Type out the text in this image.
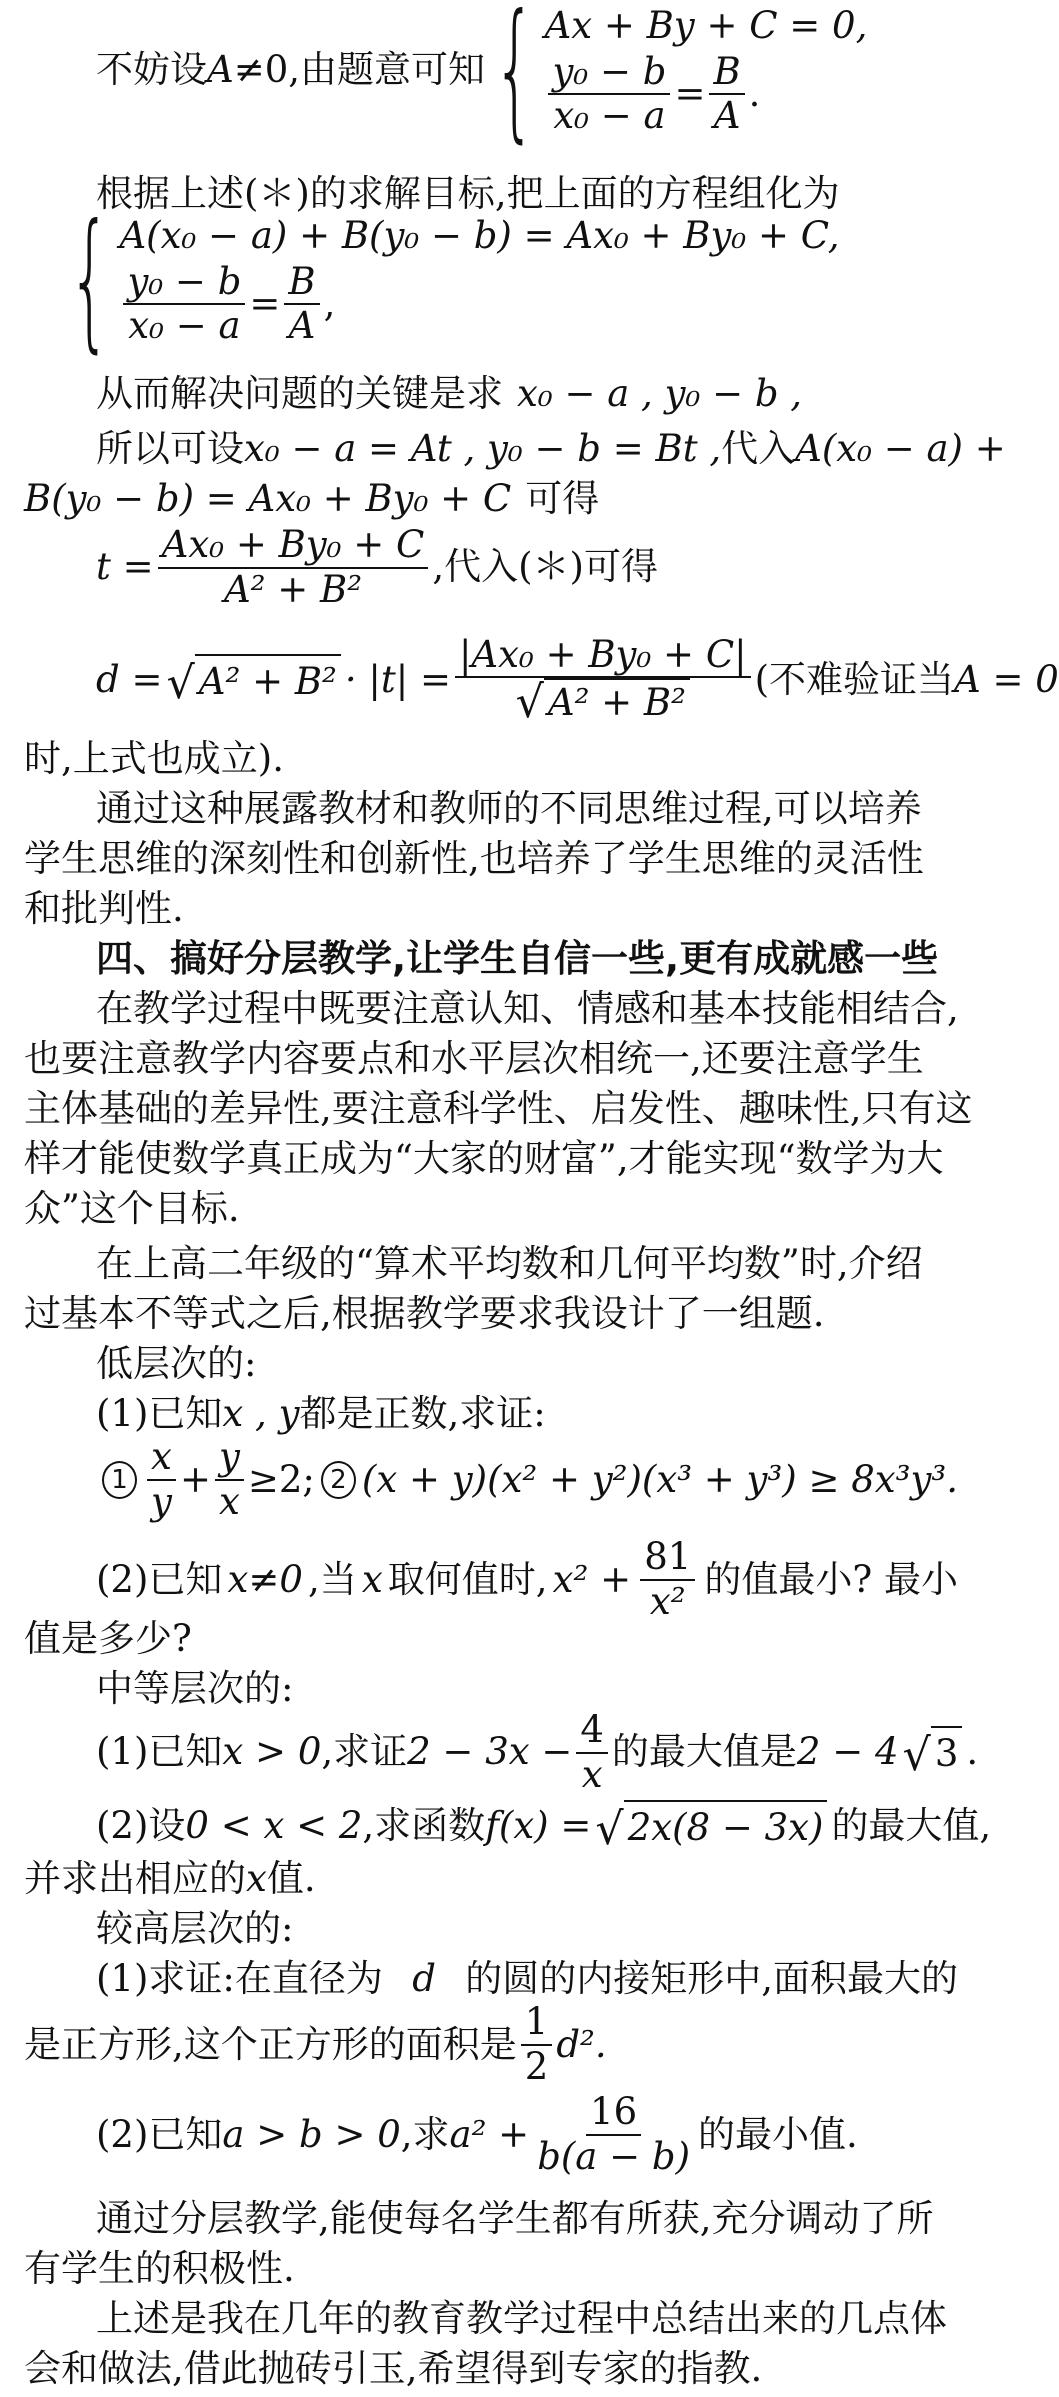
不妨设 A ≠0,由题意可知 { Ax + By + C = 0,
$\frac{\text{y₀ − b}}{\text{x₀ − a}} = \frac{B}{A}$ .
根据上述(＊)的求解目标,把上面的方程组化为
{ A(x₀ − a) + B(y₀ − b) = Ax₀ + By₀ + C,
$\frac{\text{y₀ − b}}{\text{x₀ − a}} = \frac{B}{A}$ ,
从而解决问题的关键是求 x₀ − a , y₀ − b ,
所以可设 x₀ − a = At , y₀ − b = Bt , 代入 A(x₀ − a) +
B(y₀ − b) = Ax₀ + By₀ + C 可得
$t = \frac{\text{Ax₀ + By₀ + C}}{\text{A² + B²}}$ ,代入(＊)可得
d = √ $A^2 + B^2 \cdot |t| = \frac{\text{|Ax₀ + By₀ + C|}}{\text{√ A² + B²}}$ (不难验证当 A = 0
时,上式也成立).
通过这种展露教材和教师的不同思维过程,可以培养
学生思维的深刻性和创新性,也培养了学生思维的灵活性
和批判性.
四、搞好分层教学,让学生自信一些,更有成就感一些
在教学过程中既要注意认知、情感和基本技能相结合,
也要注意教学内容要点和水平层次相统一,还要注意学生
主体基础的差异性,要注意科学性、启发性、趣味性,只有这
样才能使数学真正成为“大家的财富”,才能实现“数学为大
众”这个目标.
在上高二年级的“算术平均数和几何平均数”时,介绍
过基本不等式之后,根据教学要求我设计了一组题.
低层次的:
(1)已知 x , y 都是正数,求证:
$1 \frac{x}{y} + \frac{y}{x} \ge 2$; 2 (x + y)(x² + y²)(x³ + y³) ≥ 8x³y³.
(2)已知 x≠0 ,当 x 取何值时, $x^2 + \frac{81}{\text{x²}}$ 的值最小? 最小
值是多少?
中等层次的:
(1)已知 x > 0 ,求证 $2 - 3x - \frac{4}{x}$ 的最大值是 2 − 4 √ 3 .
(2)设 0 < x < 2 ,求函数 f(x) = √ 2x(8 − 3x) 的最大值,
并求出相应的 x 值.
较高层次的:
(1)求证:在直径为 d 的圆的内接矩形中,面积最大的
是正方形,这个正方形的面积是 $\frac{1}{2} d^2$.
(2)已知 a > b > 0 ,求 $a^2 + \frac{16}{b(a - b)}$ 的最小值.
通过分层教学,能使每名学生都有所获,充分调动了所
有学生的积极性.
上述是我在几年的教育教学过程中总结出来的几点体
会和做法,借此抛砖引玉,希望得到专家的指教.
